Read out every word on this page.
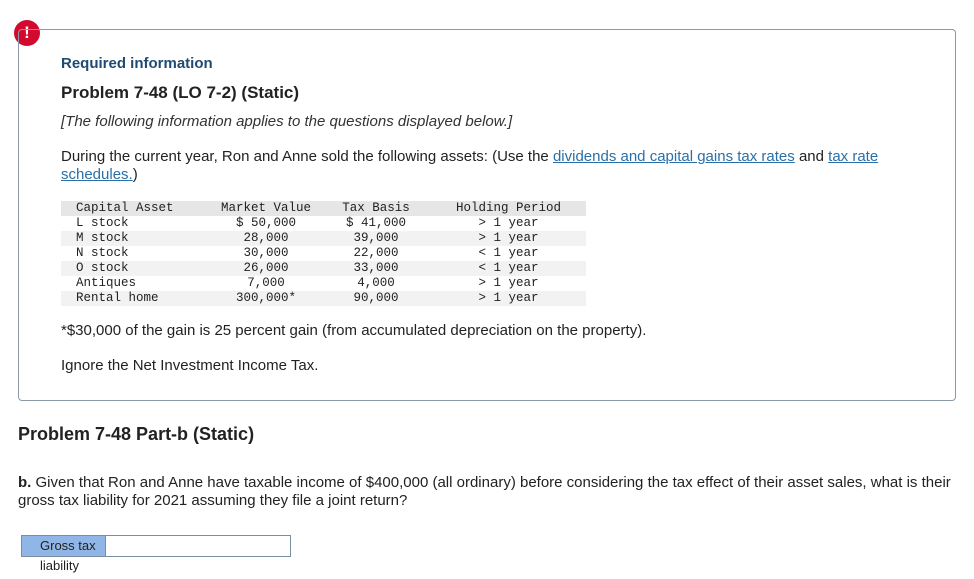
!
Required information
Problem 7-48 (LO 7-2) (Static)
[The following information applies to the questions displayed below.]
During the current year, Ron and Anne sold the following assets: (Use the dividends and capital gains tax rates and tax rate schedules.)
Capital Asset	Market Value	Tax Basis	Holding Period
L stock	$ 50,000	$ 41,000	> 1 year
M stock	28,000	39,000	> 1 year
N stock	30,000	22,000	< 1 year
O stock	26,000	33,000	< 1 year
Antiques	7,000	4,000	> 1 year
Rental home	300,000*	90,000	> 1 year
*$30,000 of the gain is 25 percent gain (from accumulated depreciation on the property).
Ignore the Net Investment Income Tax.
Problem 7-48 Part-b (Static)
b. Given that Ron and Anne have taxable income of $400,000 (all ordinary) before considering the tax effect of their asset sales, what is their gross tax liability for 2021 assuming they file a joint return?
Gross tax liability
